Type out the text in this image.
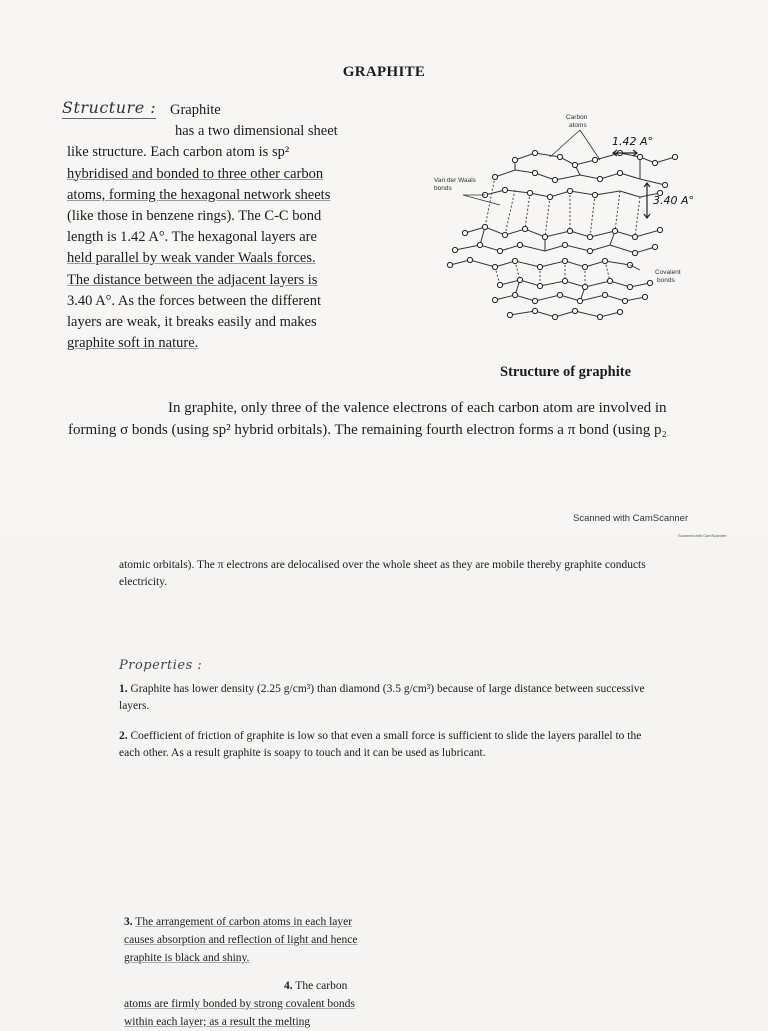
GRAPHITE
Structure : Graphite
has a two dimensional sheet
like structure. Each carbon atom is sp²
hybridised and bonded to three other carbon
atoms, forming the hexagonal network sheets
(like those in benzene rings). The C-C bond
length is 1.42 A°. The hexagonal layers are
held parallel by weak vander Waals forces.
The distance between the adjacent layers is
3.40 A°. As the forces between the different
layers are weak, it breaks easily and makes
graphite soft in nature.
Carbon
atoms
1.42 A°
Van der Waals
bonds
3.40 A°
Covalent
bonds
Structure of graphite
In graphite, only three of the valence electrons of each carbon atom are involved in
forming σ bonds (using sp² hybrid orbitals). The remaining fourth electron forms a π bond (using p₂
Scanned with CamScanner
Scanned with CamScanner
atomic orbitals). The π electrons are delocalised over the whole sheet as they are mobile thereby graphite conducts electricity.
Properties :
1. Graphite has lower density (2.25 g/cm³) than diamond (3.5 g/cm³) because of large distance between successive layers.
2. Coefficient of friction of graphite is low so that even a small force is sufficient to slide the layers parallel to the each other. As a result graphite is soapy to touch and it can be used as lubricant.
3. The arrangement of carbon atoms in each layer causes absorption and reflection of light and hence graphite is black and shiny.
4. The carbon
atoms are firmly bonded by strong covalent bonds within each layer; as a result the melting
